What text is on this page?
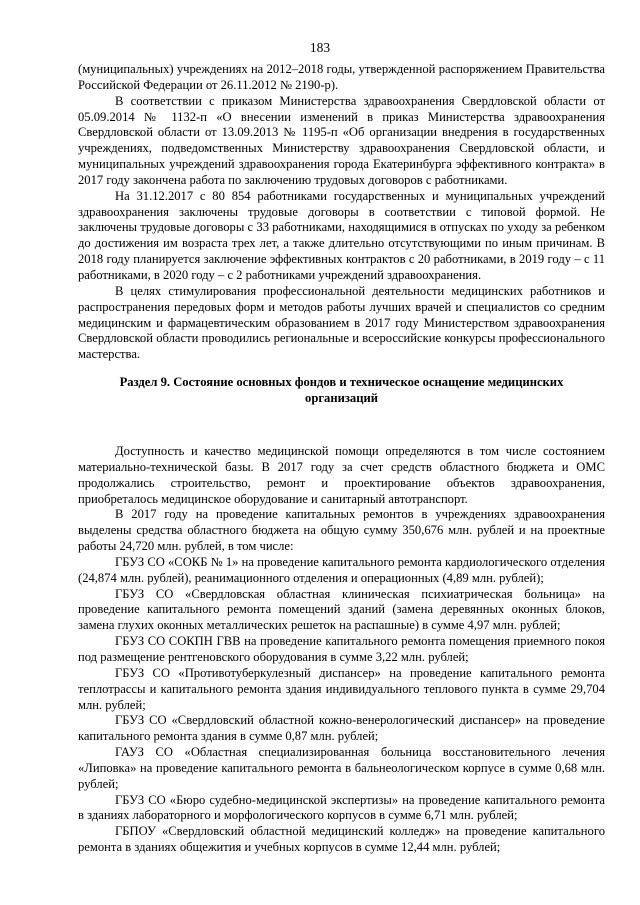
183

(муниципальных) учреждениях на 2012–2018 годы, утвержденной распоряжением Правительства Российской Федерации от 26.11.2012 № 2190-р).

В соответствии с приказом Министерства здравоохранения Свердловской области от 05.09.2014 № 1132-п «О внесении изменений в приказ Министерства здравоохранения Свердловской области от 13.09.2013 № 1195-п «Об организации внедрения в государственных учреждениях, подведомственных Министерству здравоохранения Свердловской области, и муниципальных учреждений здравоохранения города Екатеринбурга эффективного контракта» в 2017 году закончена работа по заключению трудовых договоров с работниками.

На 31.12.2017 с 80 854 работниками государственных и муниципальных учреждений здравоохранения заключены трудовые договоры в соответствии с типовой формой. Не заключены трудовые договоры с 33 работниками, находящимися в отпусках по уходу за ребенком до достижения им возраста трех лет, а также длительно отсутствующими по иным причинам. В 2018 году планируется заключение эффективных контрактов с 20 работниками, в 2019 году – с 11 работниками, в 2020 году – с 2 работниками учреждений здравоохранения.

В целях стимулирования профессиональной деятельности медицинских работников и распространения передовых форм и методов работы лучших врачей и специалистов со средним медицинским и фармацевтическим образованием в 2017 году Министерством здравоохранения Свердловской области проводились региональные и всероссийские конкурсы профессионального мастерства.

Раздел 9. Состояние основных фондов и техническое оснащение медицинских организаций

Доступность и качество медицинской помощи определяются в том числе состоянием материально-технической базы. В 2017 году за счет средств областного бюджета и ОМС продолжались строительство, ремонт и проектирование объектов здравоохранения, приобреталось медицинское оборудование и санитарный автотранспорт.

В 2017 году на проведение капитальных ремонтов в учреждениях здравоохранения выделены средства областного бюджета на общую сумму 350,676 млн. рублей и на проектные работы 24,720 млн. рублей, в том числе:

ГБУЗ СО «СОКБ № 1» на проведение капитального ремонта кардиологического отделения (24,874 млн. рублей), реанимационного отделения и операционных (4,89 млн. рублей);

ГБУЗ СО «Свердловская областная клиническая психиатрическая больница» на проведение капитального ремонта помещений зданий (замена деревянных оконных блоков, замена глухих оконных металлических решеток на распашные) в сумме 4,97 млн. рублей;

ГБУЗ СО СОКПН ГВВ на проведение капитального ремонта помещения приемного покоя под размещение рентгеновского оборудования в сумме 3,22 млн. рублей;

ГБУЗ СО «Противотуберкулезный диспансер» на проведение капитального ремонта теплотрассы и капитального ремонта здания индивидуального теплового пункта в сумме 29,704 млн. рублей;

ГБУЗ СО «Свердловский областной кожно-венерологический диспансер» на проведение капитального ремонта здания в сумме 0,87 млн. рублей;

ГАУЗ СО «Областная специализированная больница восстановительного лечения «Липовка» на проведение капитального ремонта в бальнеологическом корпусе в сумме 0,68 млн. рублей;

ГБУЗ СО «Бюро судебно-медицинской экспертизы» на проведение капитального ремонта в зданиях лабораторного и морфологического корпусов в сумме 6,71 млн. рублей;

ГБПОУ «Свердловский областной медицинский колледж» на проведение капитального ремонта в зданиях общежития и учебных корпусов в сумме 12,44 млн. рублей;
